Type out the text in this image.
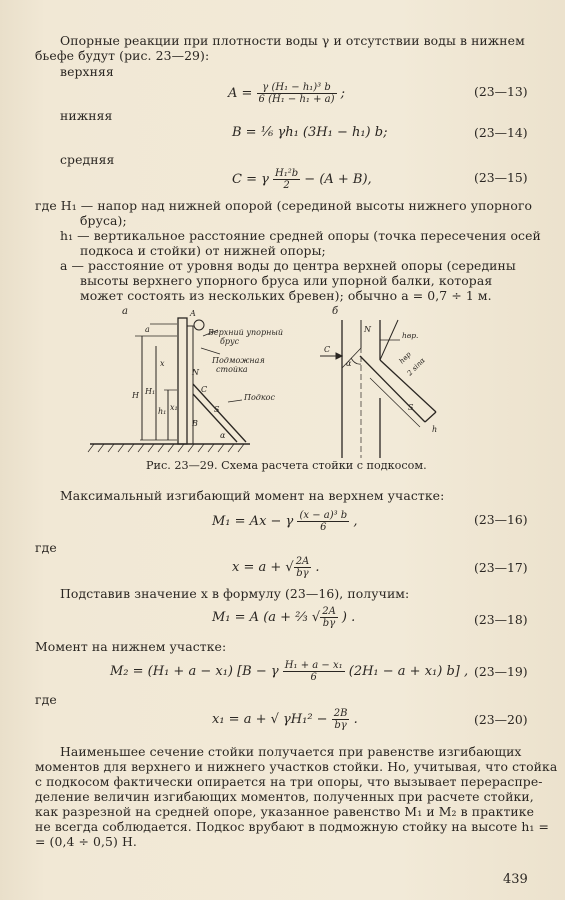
Опорные реакции при плотности воды γ и отсутствии воды в нижнем
бьефе будут (рис. 23—29):
верхняя
$A = \frac{\text{γ (H₁ − h₁)³ b}}{\text{6 (H₁ − h₁ + a)}}$ ;	(23—13)
нижняя
B = ⅙ γh₁ (3H₁ − h₁) b;	(23—14)
средняя
C = γ $\frac{\text{H₁²b}}{2} - (A + B)$,	(23—15)
где H₁ — напор над нижней опорой (серединой высоты нижнего упорного
бруса);
h₁ — вертикальное расстояние средней опоры (точка пересечения осей
подкоса и стойки) от нижней опоры;
a — расстояние от уровня воды до центра верхней опоры (середины
высоты верхнего упорного бруса или упорной балки, которая
может состоять из нескольких бревен); обычно a = 0,7 ÷ 1 м.
а	б
A
Верхний упорный
брус
Подможная
стойка
Подкос
N
C
B
S
α
a
H H₁
h₁
x
x₁
N
C
α
hвр.
hвр
2 sinα
S
h
Рис. 23—29. Схема расчета стойки с подкосом.
Максимальный изгибающий момент на верхнем участке:
M₁ = Ax − γ $\frac{\text{(x − a)³ b}}{6}$ ,	(23—16)
где
x = a + √ $\frac{2A}{b\gamma}$ .	(23—17)
Подставив значение x в формулу (23—16), получим:
M₁ = A (a + ⅔ √ $\frac{2A}{b\gamma}$ ) .	(23—18)
Момент на нижнем участке:
M₂ = (H₁ + a − x₁) [B − γ $\frac{\text{H₁ + a − x₁}}{6} (2H_1 - a + x_1)$ b] , (23—19)
где
x₁ = a + √ $\gamma H_1^2 - \frac{2B}{b\gamma}$ .	(23—20)
Наименьшее сечение стойки получается при равенстве изгибающих
моментов для верхнего и нижнего участков стойки. Но, учитывая, что стойка
с подкосом фактически опирается на три опоры, что вызывает перераспре-
деление величин изгибающих моментов, полученных при расчете стойки,
как разрезной на средней опоре, указанное равенство M₁ и M₂ в практике
не всегда соблюдается. Подкос врубают в подможную стойку на высоте h₁ =
= (0,4 ÷ 0,5) H.
439
